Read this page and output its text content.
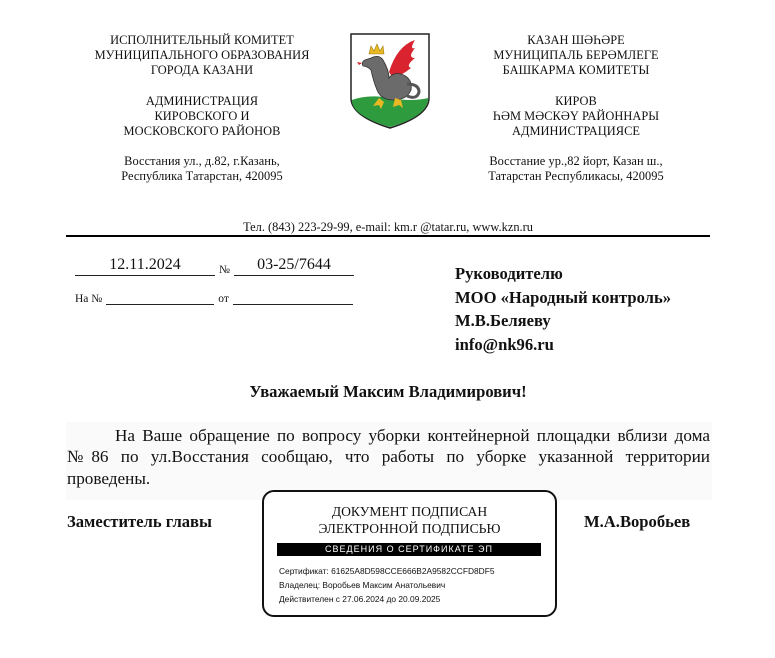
ИСПОЛНИТЕЛЬНЫЙ КОМИТЕТ
МУНИЦИПАЛЬНОГО ОБРАЗОВАНИЯ
ГОРОДА КАЗАНИ
АДМИНИСТРАЦИЯ
КИРОВСКОГО И
МОСКОВСКОГО РАЙОНОВ
Восстания ул., д.82, г.Казань,
Республика Татарстан, 420095
КАЗАН ШӘҺӘРЕ
МУНИЦИПАЛЬ БЕРӘМЛЕГЕ
БАШКАРМА КОМИТЕТЫ
КИРОВ
ҺӘМ МӘСКӘҮ РАЙОННАРЫ
АДМИНИСТРАЦИЯСЕ
Восстание ур.,82 йорт, Казан ш.,
Татарстан Республикасы, 420095
Тел. (843) 223-29-99, e-mail: km.r @tatar.ru, www.kzn.ru
12.11.2024	№	03-25/7644
На №	от
Руководителю
МОО «Народный контроль»
М.В.Беляеву
info@nk96.ru
Уважаемый Максим Владимирович!
На Ваше обращение по вопросу уборки контейнерной площадки вблизи дома №86 по ул.Восстания сообщаю, что работы по уборке указанной территории проведены.
Заместитель главы
ДОКУМЕНТ ПОДПИСАН
ЭЛЕКТРОННОЙ ПОДПИСЬЮ
СВЕДЕНИЯ О СЕРТИФИКАТЕ ЭП
Сертификат: 61625A8D598CCE666B2A9582CCFD8DF5
Владелец: Воробьев Максим Анатольевич
Действителен с 27.06.2024 до 20.09.2025
М.А.Воробьев
